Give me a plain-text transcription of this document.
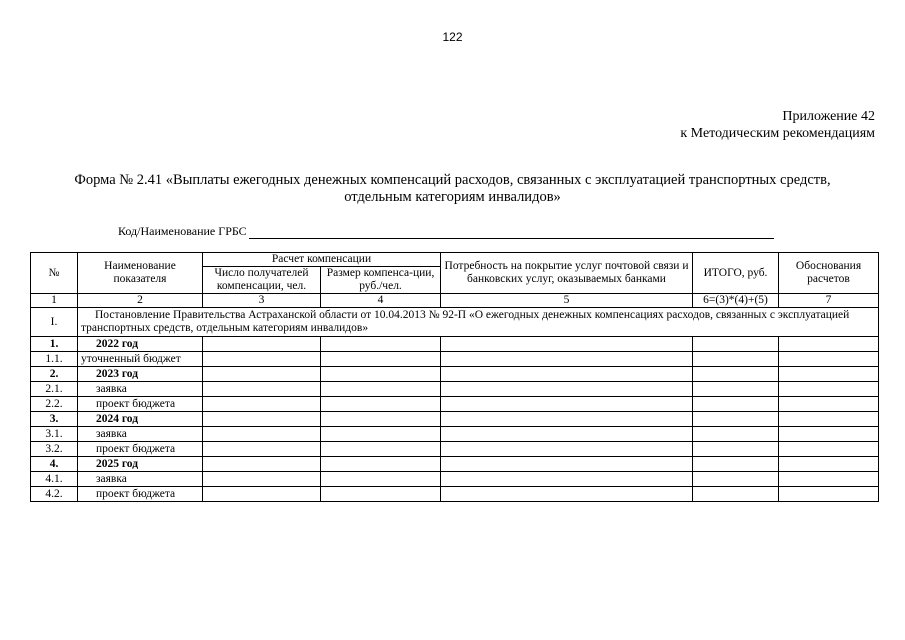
122
Приложение 42
к Методическим рекомендациям
Форма № 2.41 «Выплаты ежегодных денежных компенсаций расходов, связанных с эксплуатацией транспортных средств,
отдельным категориям инвалидов»
Код/Наименование ГРБС
№	Наименование показателя	Расчет компенсации		Потребность на покрытие услуг почтовой связи и банковских услуг, оказываемых банками	ИТОГО, руб.	Обоснования расчетов
		Число получателей компенсации, чел.	Размер компенса-ции, руб./чел.			
1	2	3	4	5	6=(3)*(4)+(5)	7
I.	Постановление Правительства Астраханской области от 10.04.2013 № 92-П «О ежегодных денежных компенсациях расходов, связанных с эксплуатацией транспортных средств, отдельным категориям инвалидов»					
1.	2022 год					
1.1.	уточненный бюджет					
2.	2023 год					
2.1.	заявка					
2.2.	проект бюджета					
3.	2024 год					
3.1.	заявка					
3.2.	проект бюджета					
4.	2025 год					
4.1.	заявка					
4.2.	проект бюджета					
